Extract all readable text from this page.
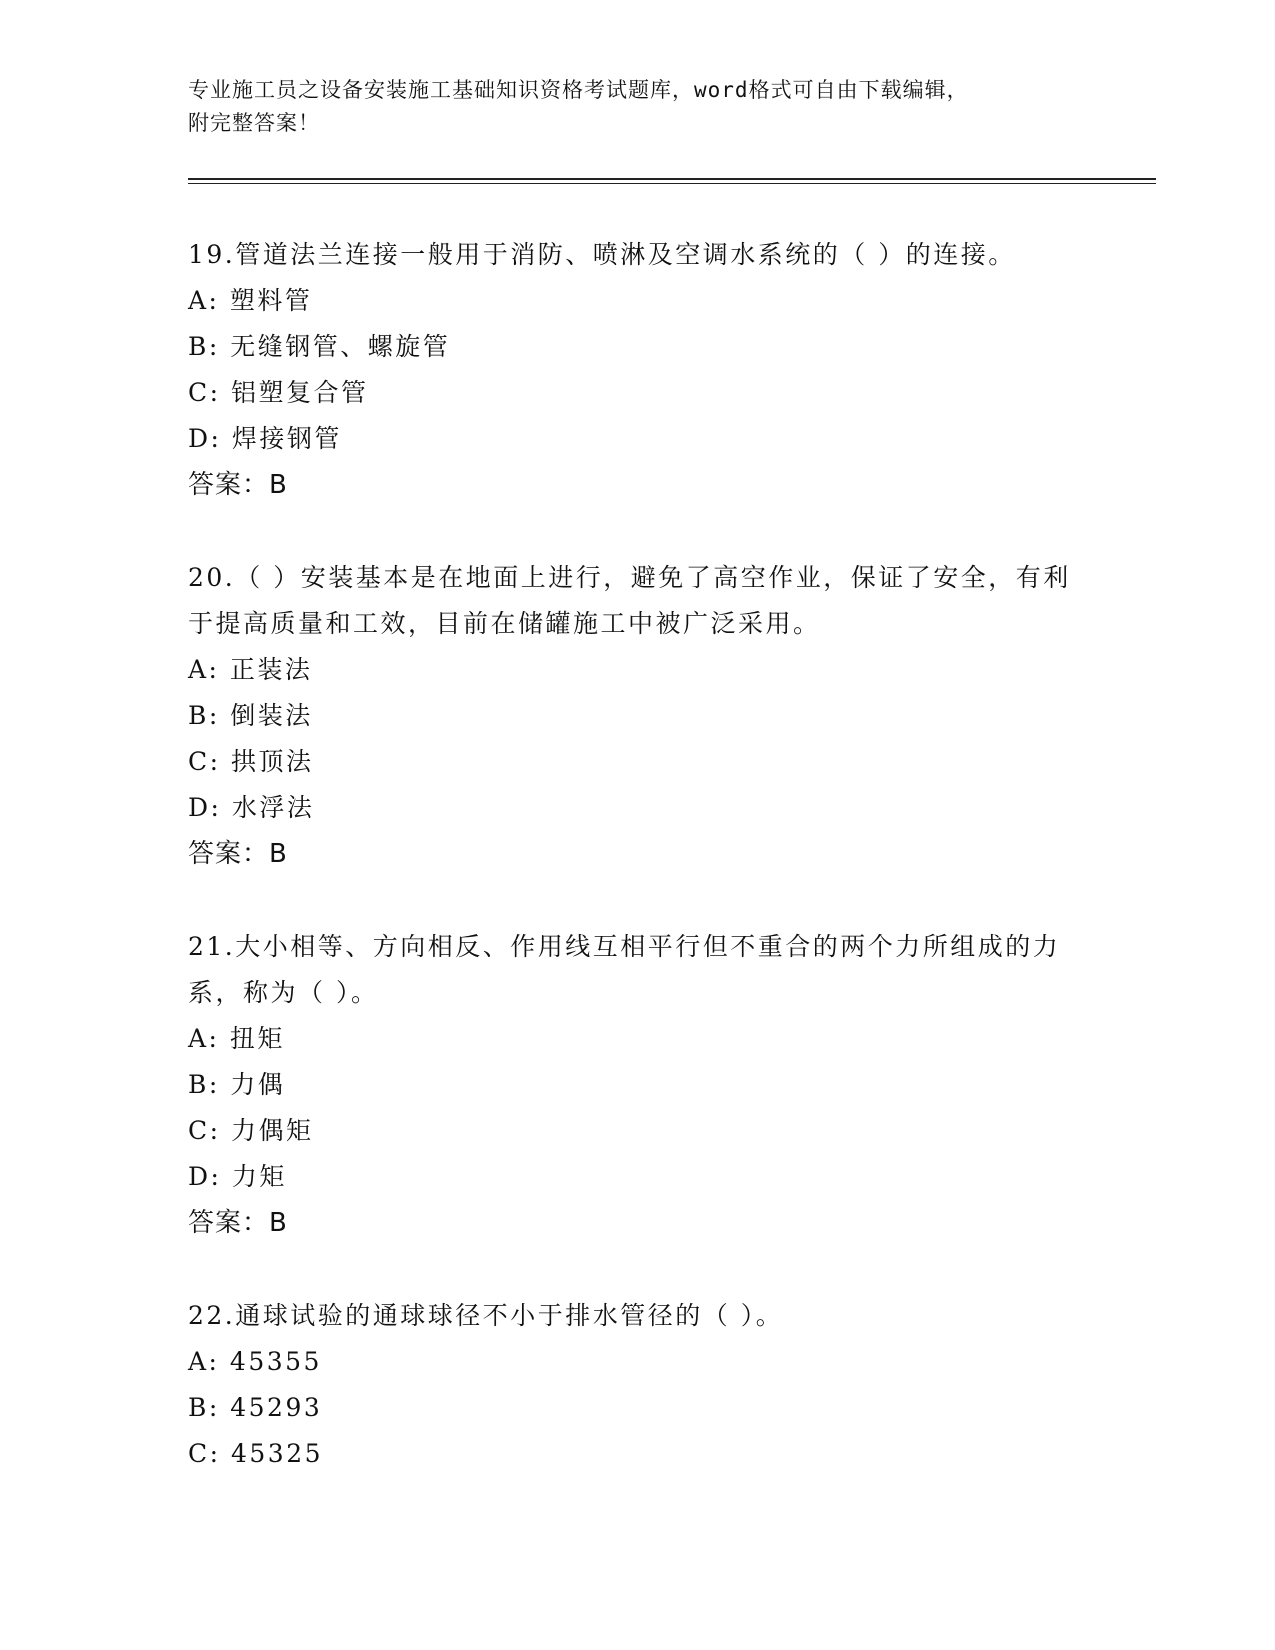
专业施工员之设备安装施工基础知识资格考试题库，word格式可自由下载编辑，
附完整答案！
19.管道法兰连接一般用于消防、喷淋及空调水系统的（ ）的连接。
A: 塑料管
B: 无缝钢管、螺旋管
C: 铝塑复合管
D: 焊接钢管
答案：B
20.（ ）安装基本是在地面上进行，避免了高空作业，保证了安全，有利于提高质量和工效，目前在储罐施工中被广泛采用。
A: 正装法
B: 倒装法
C: 拱顶法
D: 水浮法
答案：B
21.大小相等、方向相反、作用线互相平行但不重合的两个力所组成的力系，称为（ ）。
A: 扭矩
B: 力偶
C: 力偶矩
D: 力矩
答案：B
22.通球试验的通球球径不小于排水管径的（ ）。
A: 45355
B: 45293
C: 45325
